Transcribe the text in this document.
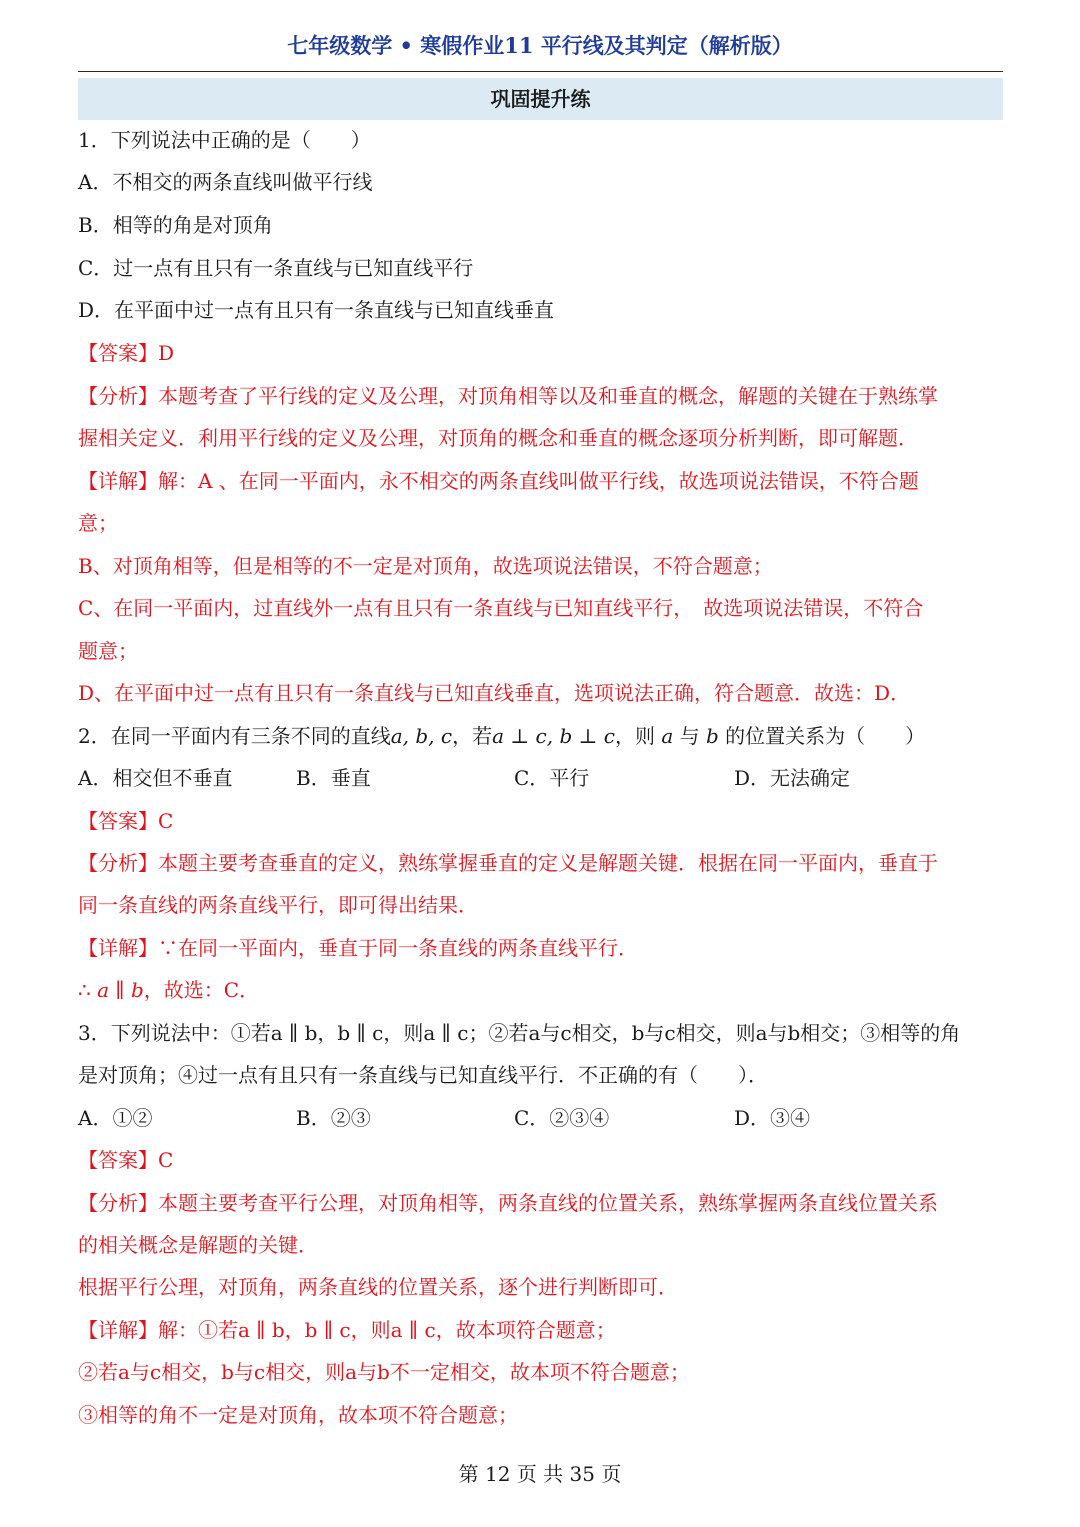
七年级数学 • 寒假作业11 平行线及其判定（解析版）
巩固提升练
1．下列说法中正确的是（　　）
A．不相交的两条直线叫做平行线
B．相等的角是对顶角
C．过一点有且只有一条直线与已知直线平行
D．在平面中过一点有且只有一条直线与已知直线垂直
【答案】D
【分析】本题考查了平行线的定义及公理，对顶角相等以及和垂直的概念，解题的关键在于熟练掌
握相关定义．利用平行线的定义及公理，对顶角的概念和垂直的概念逐项分析判断，即可解题．
【详解】解：A 、在同一平面内，永不相交的两条直线叫做平行线，故选项说法错误，不符合题
意；
B、对顶角相等，但是相等的不一定是对顶角，故选项说法错误，不符合题意；
C、在同一平面内，过直线外一点有且只有一条直线与已知直线平行，　故选项说法错误，不符合
题意；
D、在平面中过一点有且只有一条直线与已知直线垂直，选项说法正确，符合题意．故选：D．
2．在同一平面内有三条不同的直线a, b, c，若a ⊥ c, b ⊥ c，则 a 与 b 的位置关系为（　　）
A．相交但不垂直	B．垂直	C．平行	D．无法确定
【答案】C
【分析】本题主要考查垂直的定义，熟练掌握垂直的定义是解题关键．根据在同一平面内，垂直于
同一条直线的两条直线平行，即可得出结果．
【详解】∵在同一平面内，垂直于同一条直线的两条直线平行．
∴ a ∥ b，故选：C．
3．下列说法中：①若a ∥ b，b ∥ c，则a ∥ c；②若a与c相交，b与c相交，则a与b相交；③相等的角
是对顶角；④过一点有且只有一条直线与已知直线平行．不正确的有（　　）．
A．①②	B．②③	C．②③④	D．③④
【答案】C
【分析】本题主要考查平行公理，对顶角相等，两条直线的位置关系，熟练掌握两条直线位置关系
的相关概念是解题的关键．
根据平行公理，对顶角，两条直线的位置关系，逐个进行判断即可．
【详解】解：①若a ∥ b，b ∥ c，则a ∥ c，故本项符合题意；
②若a与c相交，b与c相交，则a与b不一定相交，故本项不符合题意；
③相等的角不一定是对顶角，故本项不符合题意；
第 12 页 共 35 页
